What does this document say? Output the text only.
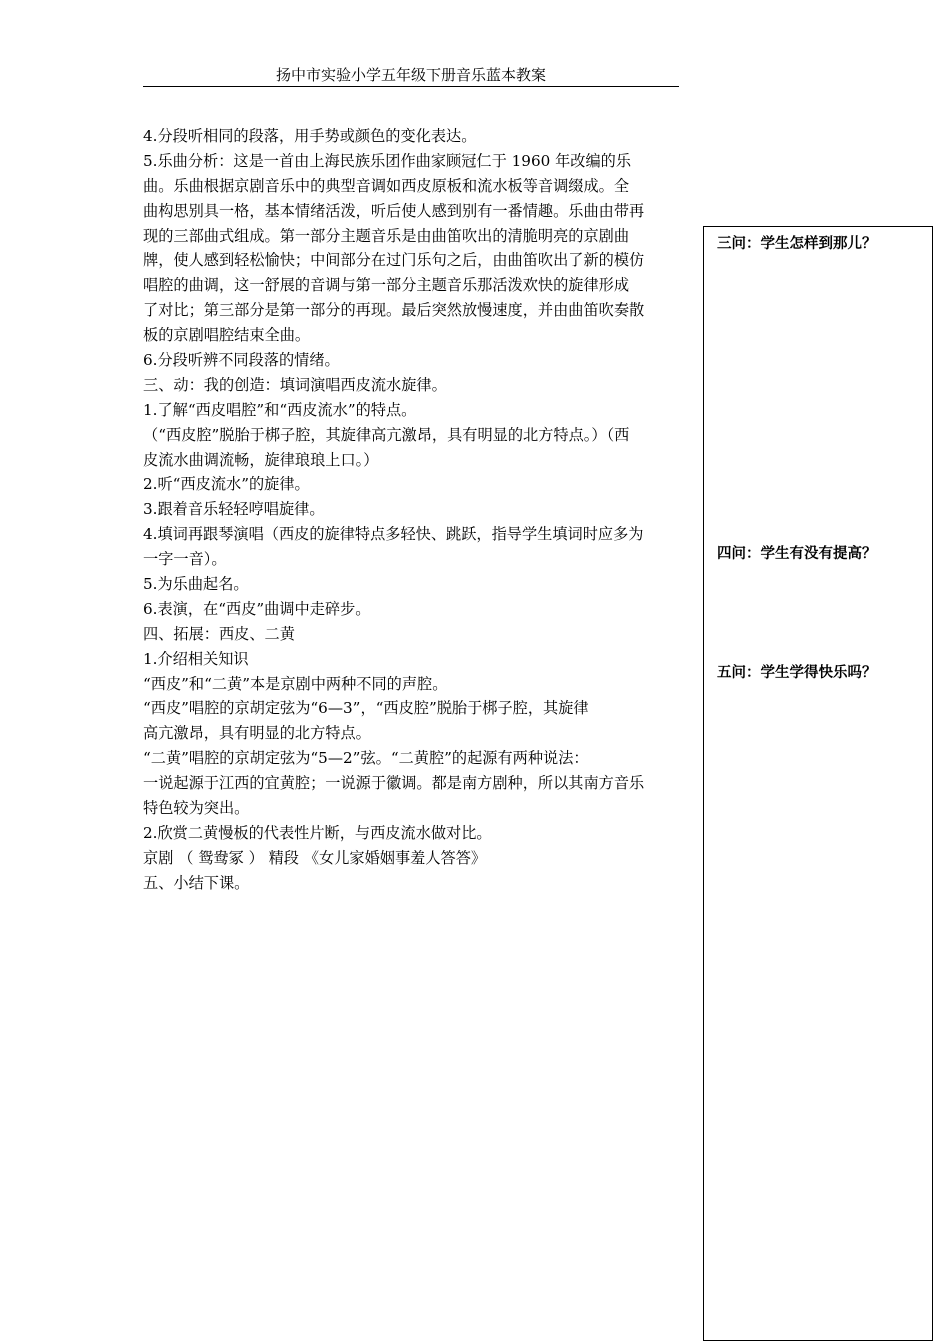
扬中市实验小学五年级下册音乐蓝本教案
4.分段听相同的段落，用手势或颜色的变化表达。
5.乐曲分析：这是一首由上海民族乐团作曲家顾冠仁于 1960 年改编的乐
曲。乐曲根据京剧音乐中的典型音调如西皮原板和流水板等音调缀成。全
曲构思别具一格，基本情绪活泼，听后使人感到别有一番情趣。乐曲由带再
现的三部曲式组成。第一部分主题音乐是由曲笛吹出的清脆明亮的京剧曲
牌，使人感到轻松愉快；中间部分在过门乐句之后，由曲笛吹出了新的模仿
唱腔的曲调，这一舒展的音调与第一部分主题音乐那活泼欢快的旋律形成
了对比；第三部分是第一部分的再现。最后突然放慢速度，并由曲笛吹奏散
板的京剧唱腔结束全曲。
6.分段听辨不同段落的情绪。
三、动：我的创造：填词演唱西皮流水旋律。
1.了解“西皮唱腔”和“西皮流水”的特点。
（“西皮腔”脱胎于梆子腔，其旋律高亢激昂，具有明显的北方特点。）（西
皮流水曲调流畅，旋律琅琅上口。）
2.听“西皮流水”的旋律。
3.跟着音乐轻轻哼唱旋律。
4.填词再跟琴演唱（西皮的旋律特点多轻快、跳跃，指导学生填词时应多为
一字一音）。
5.为乐曲起名。
6.表演，在“西皮”曲调中走碎步。
四、拓展：西皮、二黄
1.介绍相关知识
“西皮”和“二黄”本是京剧中两种不同的声腔。
“西皮”唱腔的京胡定弦为“6—3”，“西皮腔”脱胎于梆子腔，其旋律
高亢激昂，具有明显的北方特点。
“二黄”唱腔的京胡定弦为“5—2”弦。“二黄腔”的起源有两种说法：
一说起源于江西的宜黄腔；一说源于徽调。都是南方剧种，所以其南方音乐
特色较为突出。
2.欣赏二黄慢板的代表性片断，与西皮流水做对比。
京剧 （ 鸳鸯冢 ） 精段 《女儿家婚姻事羞人答答》
五、小结下课。
三问：学生怎样到那儿？
四问：学生有没有提高？
五问：学生学得快乐吗？
